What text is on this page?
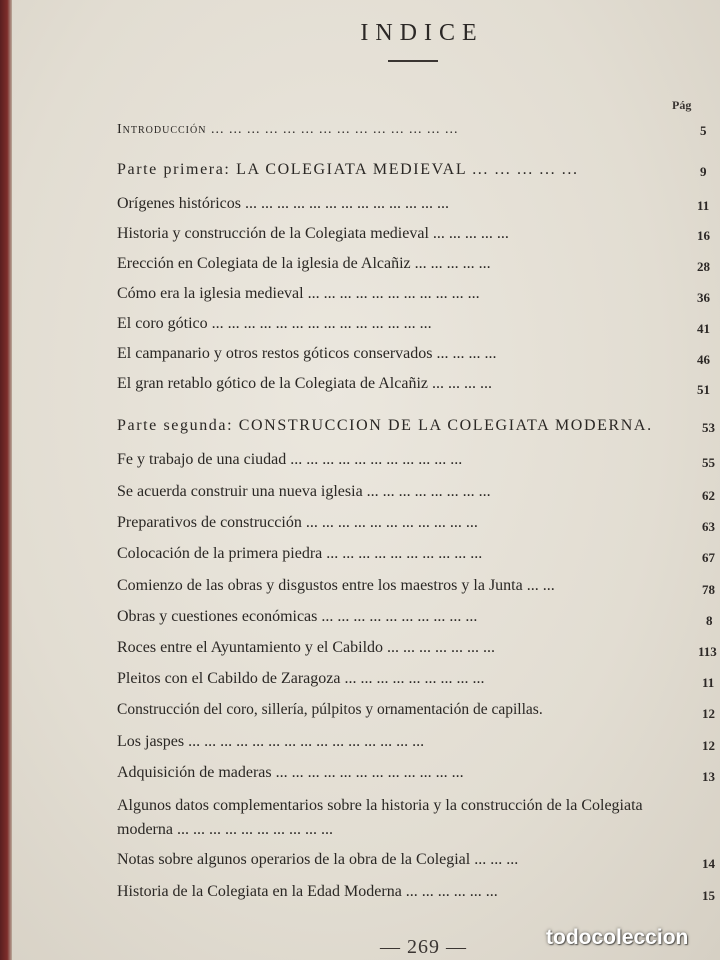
INDICE
Pág
Introducción ... ... ... ... ... ... ... ... ... ... ... ... ... ...	5
Parte primera: LA COLEGIATA MEDIEVAL ... ... ... ... ...	9
Orígenes históricos ... ... ... ... ... ... ... ... ... ... ... ... ...	11
Historia y construcción de la Colegiata medieval ... ... ... ... ...	16
Erección en Colegiata de la iglesia de Alcañiz ... ... ... ... ...	28
Cómo era la iglesia medieval ... ... ... ... ... ... ... ... ... ... ...	36
El coro gótico ... ... ... ... ... ... ... ... ... ... ... ... ... ...	41
El campanario y otros restos góticos conservados ... ... ... ...	46
El gran retablo gótico de la Colegiata de Alcañiz ... ... ... ...	51
Parte segunda: CONSTRUCCION DE LA COLEGIATA MODERNA.	53
Fe y trabajo de una ciudad ... ... ... ... ... ... ... ... ... ... ...	55
Se acuerda construir una nueva iglesia ... ... ... ... ... ... ... ...	62
Preparativos de construcción ... ... ... ... ... ... ... ... ... ... ...	63
Colocación de la primera piedra ... ... ... ... ... ... ... ... ... ...	67
Comienzo de las obras y disgustos entre los maestros y la Junta ... ...	78
Obras y cuestiones económicas ... ... ... ... ... ... ... ... ... ...	8
Roces entre el Ayuntamiento y el Cabildo ... ... ... ... ... ... ...	113
Pleitos con el Cabildo de Zaragoza ... ... ... ... ... ... ... ... ...	11
Construcción del coro, sillería, púlpitos y ornamentación de capillas.	12
Los jaspes ... ... ... ... ... ... ... ... ... ... ... ... ... ... ...	12
Adquisición de maderas ... ... ... ... ... ... ... ... ... ... ... ...	13
Algunos datos complementarios sobre la historia y la construcción de la Colegiata moderna ... ... ... ... ... ... ... ... ... ...
Notas sobre algunos operarios de la obra de la Colegial ... ... ...	14
Historia de la Colegiata en la Edad Moderna ... ... ... ... ... ...	15
— 269 —	todocoleccion
